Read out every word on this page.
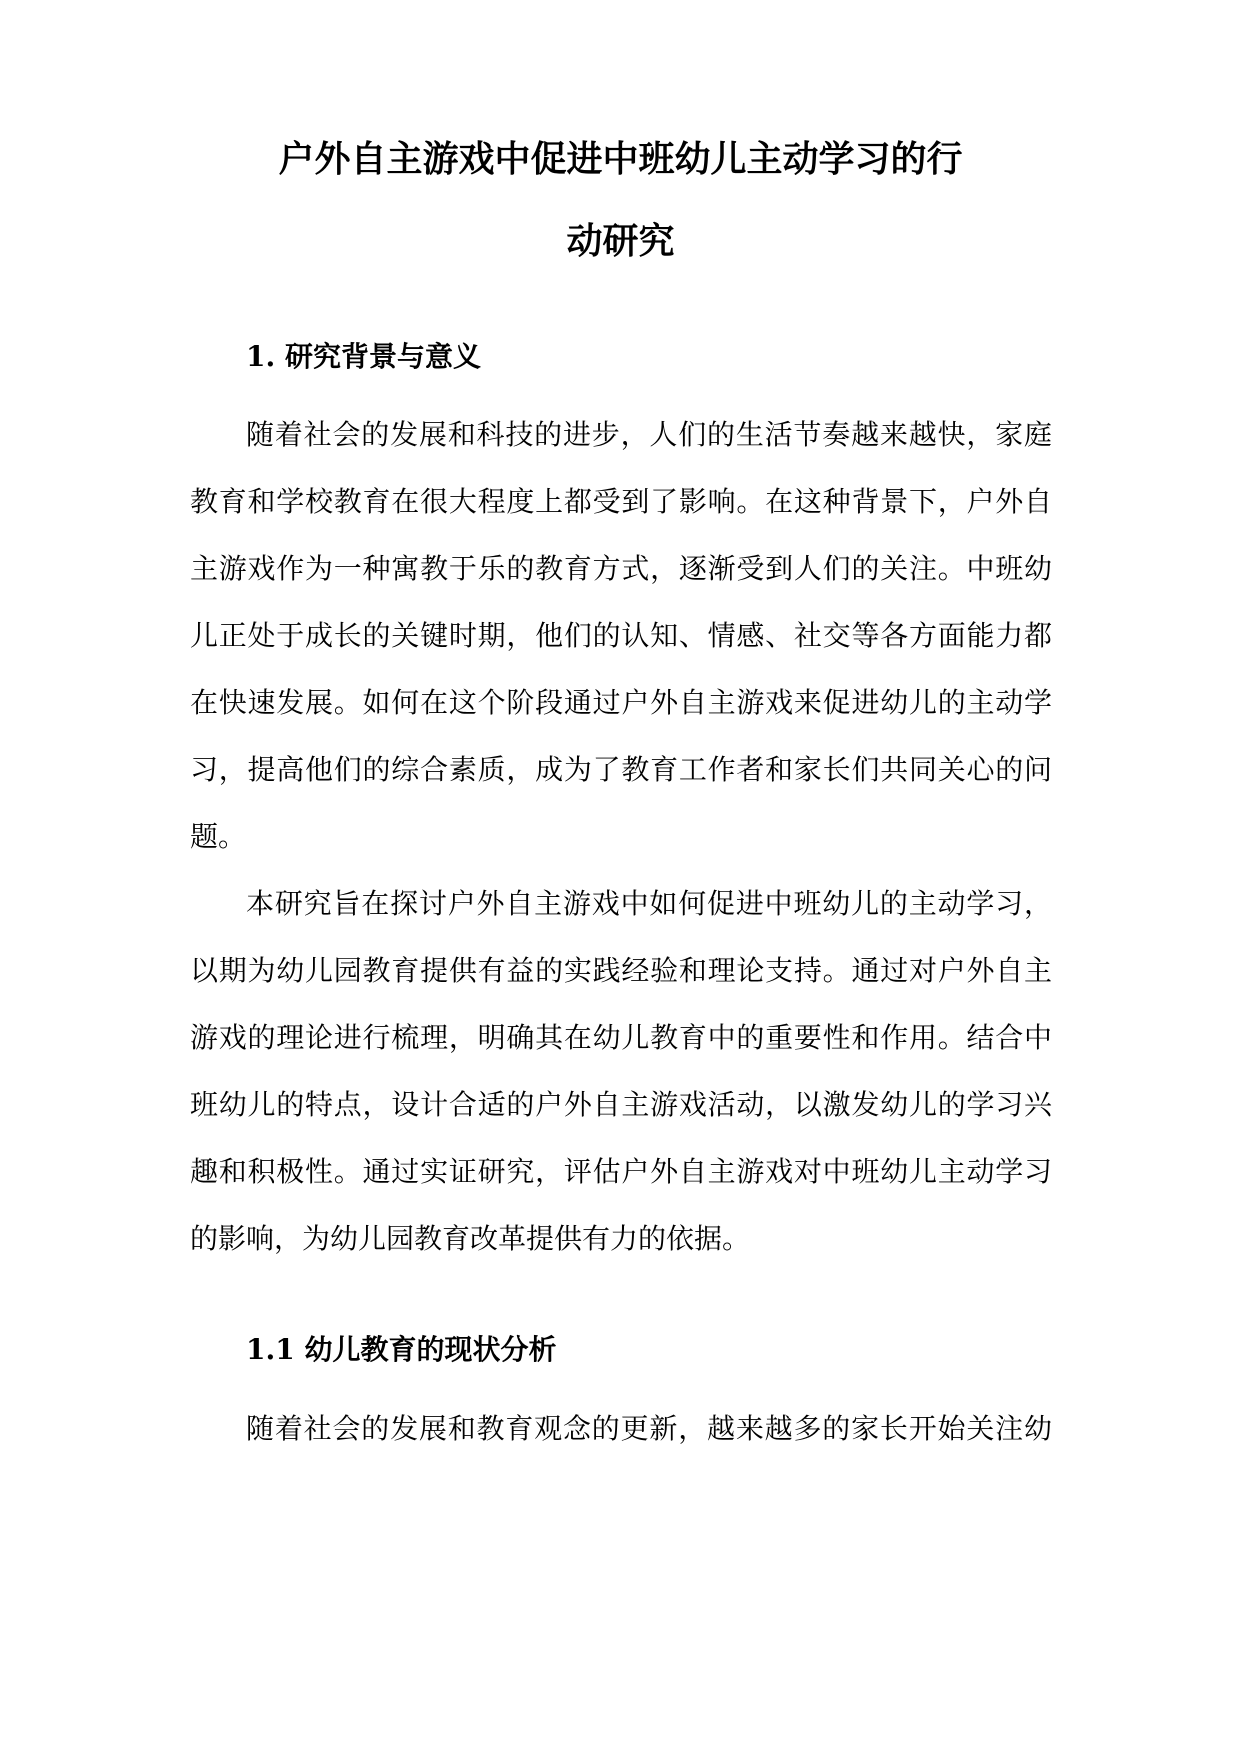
户外自主游戏中促进中班幼儿主动学习的行
动研究
1. 研究背景与意义
随着社会的发展和科技的进步，人们的生活节奏越来越快，家庭
教育和学校教育在很大程度上都受到了影响。在这种背景下，户外自
主游戏作为一种寓教于乐的教育方式，逐渐受到人们的关注。中班幼
儿正处于成长的关键时期，他们的认知、情感、社交等各方面能力都
在快速发展。如何在这个阶段通过户外自主游戏来促进幼儿的主动学
习，提高他们的综合素质，成为了教育工作者和家长们共同关心的问
题。
本研究旨在探讨户外自主游戏中如何促进中班幼儿的主动学习，
以期为幼儿园教育提供有益的实践经验和理论支持。通过对户外自主
游戏的理论进行梳理，明确其在幼儿教育中的重要性和作用。结合中
班幼儿的特点，设计合适的户外自主游戏活动，以激发幼儿的学习兴
趣和积极性。通过实证研究，评估户外自主游戏对中班幼儿主动学习
的影响，为幼儿园教育改革提供有力的依据。
1.1 幼儿教育的现状分析
随着社会的发展和教育观念的更新，越来越多的家长开始关注幼
